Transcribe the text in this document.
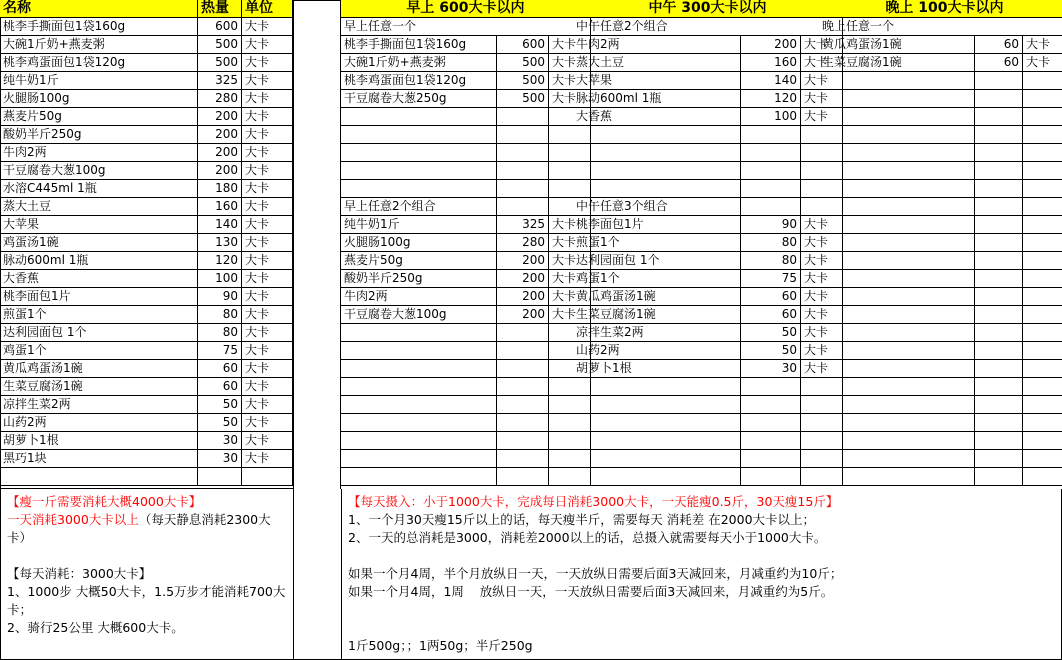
名称	热量	单位
桃李手撕面包1袋160g	600 大卡
大碗1斤奶+燕麦粥	500 大卡
桃李鸡蛋面包1袋120g	500 大卡
纯牛奶1斤	325 大卡
火腿肠100g	280 大卡
燕麦片50g	200 大卡
酸奶半斤250g	200 大卡
牛肉2两	200 大卡
干豆腐卷大葱100g	200 大卡
水溶C445ml 1瓶	180 大卡
蒸大土豆	160 大卡
大苹果	140 大卡
鸡蛋汤1碗	130 大卡
脉动600ml 1瓶	120 大卡
大香蕉	100 大卡
桃李面包1片	90 大卡
煎蛋1个	80 大卡
达利园面包 1个	80 大卡
鸡蛋1个	75 大卡
黄瓜鸡蛋汤1碗	60 大卡
生菜豆腐汤1碗	60 大卡
凉拌生菜2两	50 大卡
山药2两	50 大卡
胡萝卜1根	30 大卡
黑巧1块	30 大卡
早上 600大卡以内
早上任意一个
桃李手撕面包1袋160g	600 大卡
大碗1斤奶+燕麦粥	500 大卡
桃李鸡蛋面包1袋120g	500 大卡
干豆腐卷大葱250g	500 大卡
早上任意2个组合
纯牛奶1斤	325 大卡
火腿肠100g	280 大卡
燕麦片50g	200 大卡
酸奶半斤250g	200 大卡
牛肉2两	200 大卡
干豆腐卷大葱100g	200 大卡
中午 300大卡以内
中午任意2个组合
牛肉2两	200 大卡
蒸大土豆	160 大卡
大苹果	140 大卡
脉动600ml 1瓶	120 大卡
大香蕉	100 大卡
中午任意3个组合
桃李面包1片	90 大卡
煎蛋1个	80 大卡
达利园面包 1个	80 大卡
鸡蛋1个	75 大卡
黄瓜鸡蛋汤1碗	60 大卡
生菜豆腐汤1碗	60 大卡
凉拌生菜2两	50 大卡
山药2两	50 大卡
胡萝卜1根	30 大卡
晚上 100大卡以内
晚上任意一个
黄瓜鸡蛋汤1碗	60 大卡
生菜豆腐汤1碗	60 大卡
【瘦一斤需要消耗大概4000大卡】
一天消耗3000大卡以上（每天静息消耗2300大卡）
【每天消耗：3000大卡】
1、1000步 大概50大卡，1.5万步才能消耗700大卡；
2、骑行25公里 大概600大卡。
【每天摄入：小于1000大卡，完成每日消耗3000大卡，一天能瘦0.5斤，30天瘦15斤】
1、一个月30天瘦15斤以上的话，每天瘦半斤，需要每天 消耗差 在2000大卡以上；
2、一天的总消耗是3000，消耗差2000以上的话，总摄入就需要每天小于1000大卡。
如果一个月4周，半个月放纵日一天，一天放纵日需要后面3天减回来，月减重约为10斤；
如果一个月4周，1周    放纵日一天，一天放纵日需要后面3天减回来，月减重约为5斤。
1斤500g；；1两50g；半斤250g
